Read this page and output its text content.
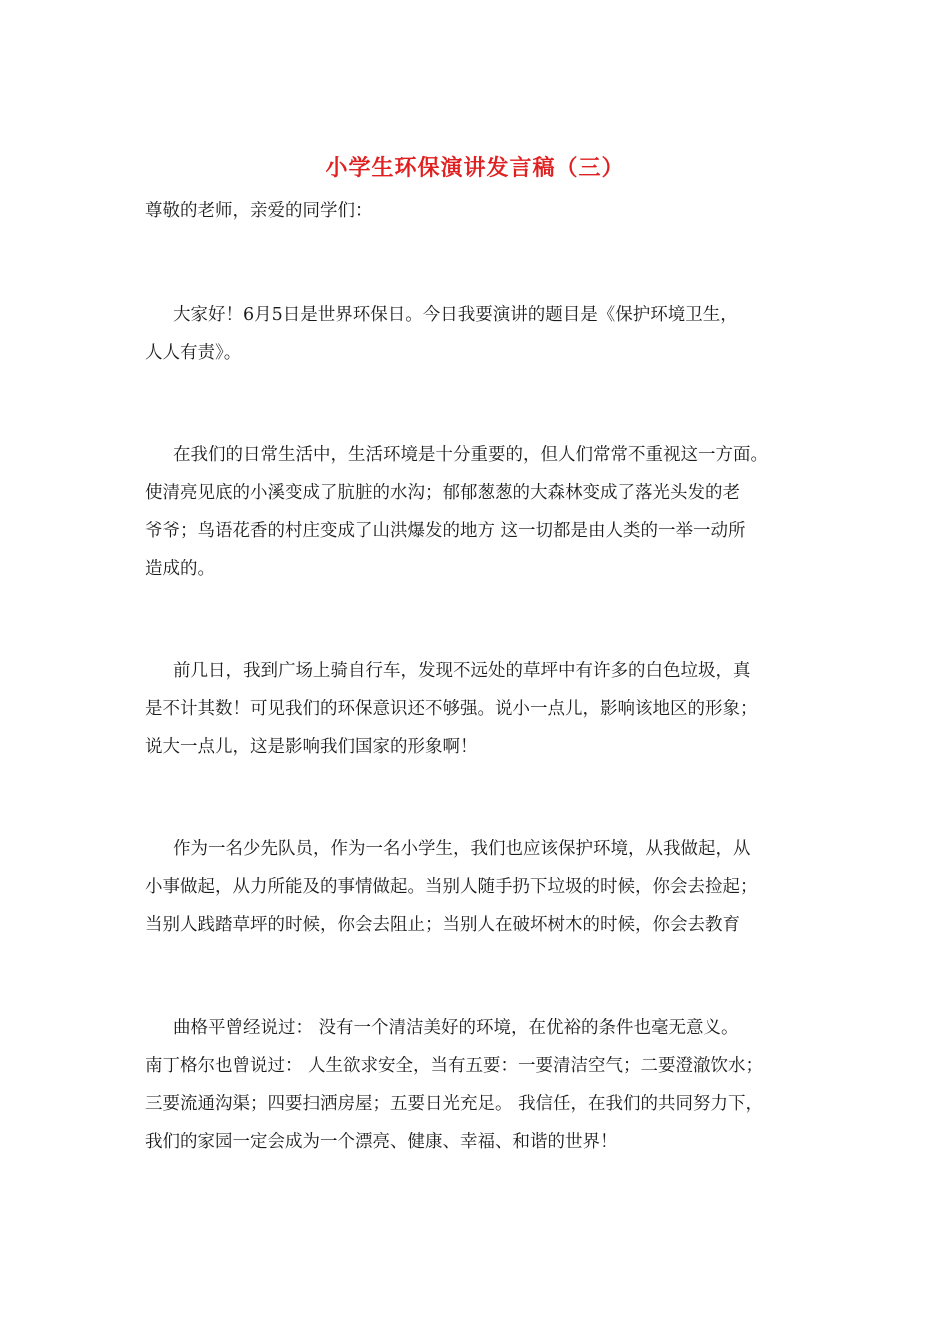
小学生环保演讲发言稿（三）

尊敬的老师，亲爱的同学们：

大家好！6月5日是世界环保日。今日我要演讲的题目是《保护环境卫生，

人人有责》。

在我们的日常生活中，生活环境是十分重要的，但人们常常不重视这一方面。

使清亮见底的小溪变成了肮脏的水沟；郁郁葱葱的大森林变成了落光头发的老

爷爷；鸟语花香的村庄变成了山洪爆发的地方 这一切都是由人类的一举一动所

造成的。

前几日，我到广场上骑自行车，发现不远处的草坪中有许多的白色垃圾，真

是不计其数！可见我们的环保意识还不够强。说小一点儿，影响该地区的形象；

说大一点儿，这是影响我们国家的形象啊！

作为一名少先队员，作为一名小学生，我们也应该保护环境，从我做起，从

小事做起，从力所能及的事情做起。当别人随手扔下垃圾的时候，你会去捡起；

当别人践踏草坪的时候，你会去阻止；当别人在破坏树木的时候，你会去教育

曲格平曾经说过： 没有一个清洁美好的环境，在优裕的条件也毫无意义。

南丁格尔也曾说过： 人生欲求安全，当有五要：一要清洁空气；二要澄澈饮水；

三要流通沟渠；四要扫洒房屋；五要日光充足。 我信任，在我们的共同努力下，

我们的家园一定会成为一个漂亮、健康、幸福、和谐的世界！
